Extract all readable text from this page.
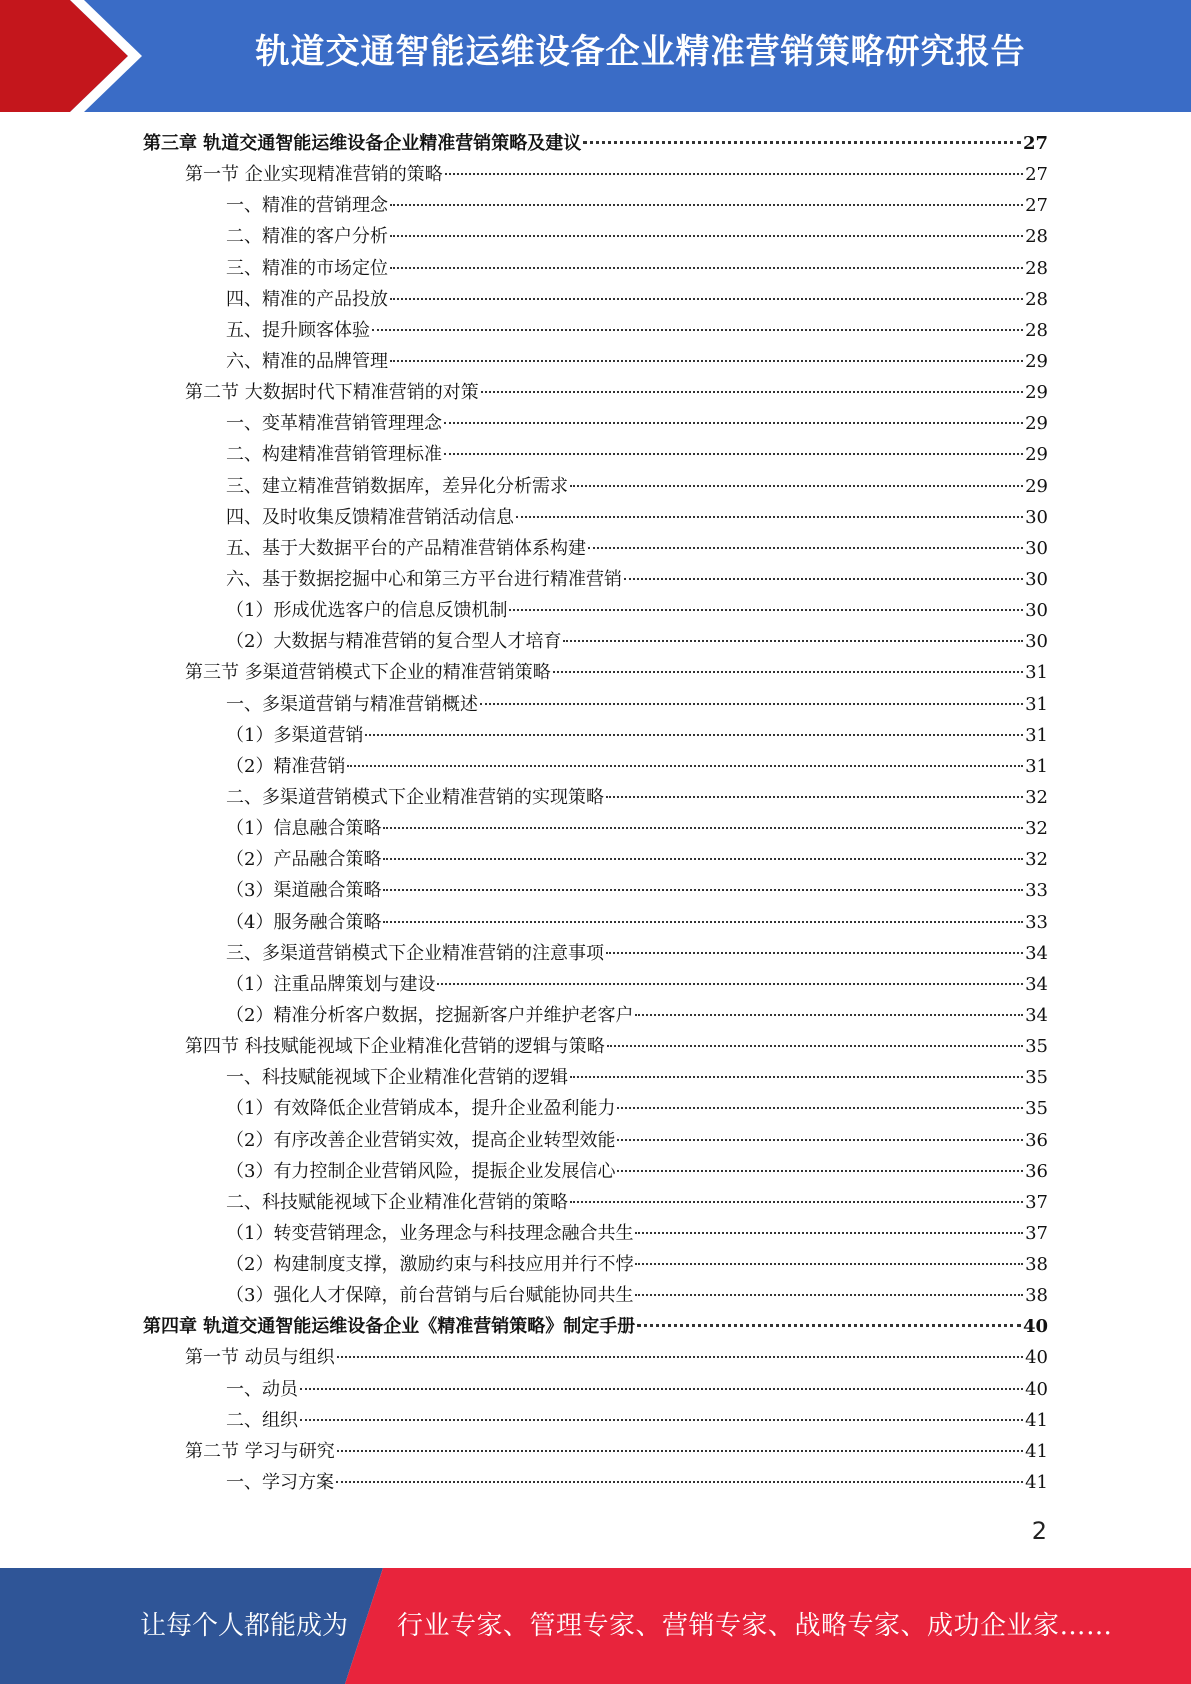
轨道交通智能运维设备企业精准营销策略研究报告
第三章 轨道交通智能运维设备企业精准营销策略及建议	27
第一节 企业实现精准营销的策略	27
一、精准的营销理念	27
二、精准的客户分析	28
三、精准的市场定位	28
四、精准的产品投放	28
五、提升顾客体验	28
六、精准的品牌管理	29
第二节 大数据时代下精准营销的对策	29
一、变革精准营销管理理念	29
二、构建精准营销管理标准	29
三、建立精准营销数据库，差异化分析需求	29
四、及时收集反馈精准营销活动信息	30
五、基于大数据平台的产品精准营销体系构建	30
六、基于数据挖掘中心和第三方平台进行精准营销	30
（1）形成优选客户的信息反馈机制	30
（2）大数据与精准营销的复合型人才培育	30
第三节 多渠道营销模式下企业的精准营销策略	31
一、多渠道营销与精准营销概述	31
（1）多渠道营销	31
（2）精准营销	31
二、多渠道营销模式下企业精准营销的实现策略	32
（1）信息融合策略	32
（2）产品融合策略	32
（3）渠道融合策略	33
（4）服务融合策略	33
三、多渠道营销模式下企业精准营销的注意事项	34
（1）注重品牌策划与建设	34
（2）精准分析客户数据，挖掘新客户并维护老客户	34
第四节 科技赋能视域下企业精准化营销的逻辑与策略	35
一、科技赋能视域下企业精准化营销的逻辑	35
（1）有效降低企业营销成本，提升企业盈利能力	35
（2）有序改善企业营销实效，提高企业转型效能	36
（3）有力控制企业营销风险，提振企业发展信心	36
二、科技赋能视域下企业精准化营销的策略	37
（1）转变营销理念，业务理念与科技理念融合共生	37
（2）构建制度支撑，激励约束与科技应用并行不悖	38
（3）强化人才保障，前台营销与后台赋能协同共生	38
第四章 轨道交通智能运维设备企业《精准营销策略》制定手册	40
第一节 动员与组织	40
一、动员	40
二、组织	41
第二节 学习与研究	41
一、学习方案	41
2
让每个人都能成为 行业专家、管理专家、营销专家、战略专家、成功企业家……
